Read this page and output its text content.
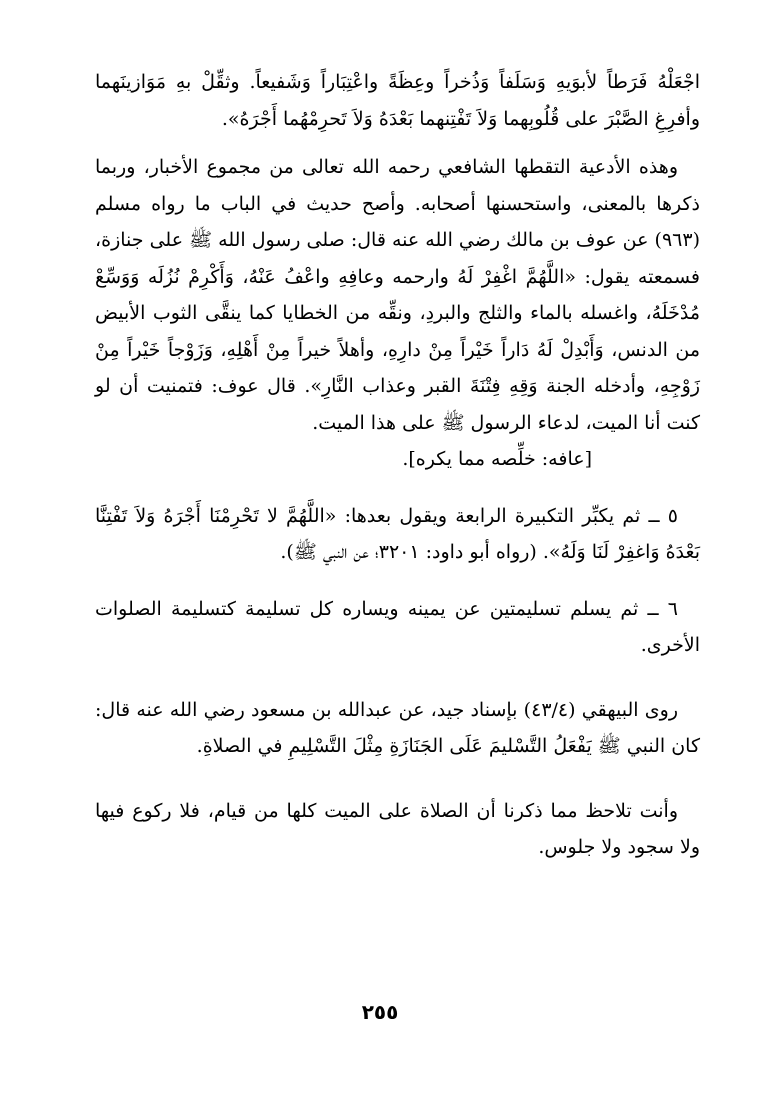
اجْعَلْهُ فَرَطاً لأبوَيهِ وَسَلَفاً وَذُخراً وعِظَةً واعْتِبَاراً وَشَفيعاً. وثقِّلْ بهِ مَوَازينَهما وأفرِغِ الصَّبْرَ على قُلُوبِهما وَلاَ تَفْتِنهما بَعْدَهُ وَلاَ تَحرِمْهُما أَجْرَهُ».

وهذه الأدعية التقطها الشافعي رحمه الله تعالى من مجموع الأخبار، وربما ذكرها بالمعنى، واستحسنها أصحابه. وأصح حديث في الباب ما رواه مسلم (٩٦٣) عن عوف بن مالك رضي الله عنه قال: صلى رسول الله ﷺ على جنازة، فسمعته يقول: «اللَّهُمَّ اغْفِرْ لَهُ وارحمه وعافِهِ واعْفُ عَنْهُ، وَأَكْرِمْ نُزُلَه وَوَسِّعْ مُدْخَلَهُ، واغسله بالماء والثلج والبردِ، ونقِّه من الخطايا كما ينقَّى الثوب الأبيض من الدنس، وَأَبْدِلْ لَهُ دَاراً خَيْراً مِنْ دارِهِ، وأهلاً خيراً مِنْ أَهْلِهِ، وَزَوْجاً خَيْراً مِنْ زَوْجِهِ، وأدخله الجنة وَقِهِ فِتْنَةَ القبر وعذاب النَّارِ». قال عوف: فتمنيت أن لو كنت أنا الميت، لدعاء الرسول ﷺ على هذا الميت.

[عافه: خلِّصه مما يكره].

٥ ــ ثم يكبِّر التكبيرة الرابعة ويقول بعدها: «اللَّهُمَّ لا تَحْرِمْنَا أَجْرَهُ وَلاَ تَفْتِنَّا بَعْدَهُ وَاغفِرْ لَنَا وَلَهُ». (رواه أبو داود: ٣٢٠١؛ عن النبي ﷺ).

٦ ــ ثم يسلم تسليمتين عن يمينه ويساره كل تسليمة كتسليمة الصلوات الأخرى.

روى البيهقي (٤٣/٤) بإسناد جيد، عن عبدالله بن مسعود رضي الله عنه قال: كان النبي ﷺ يَفْعَلُ التَّسْليمَ عَلَى الجَنَازَةِ مِثْلَ التَّسْلِيمِ في الصلاةِ.

وأنت تلاحظ مما ذكرنا أن الصلاة على الميت كلها من قيام، فلا ركوع فيها ولا سجود ولا جلوس.

٢٥٥
